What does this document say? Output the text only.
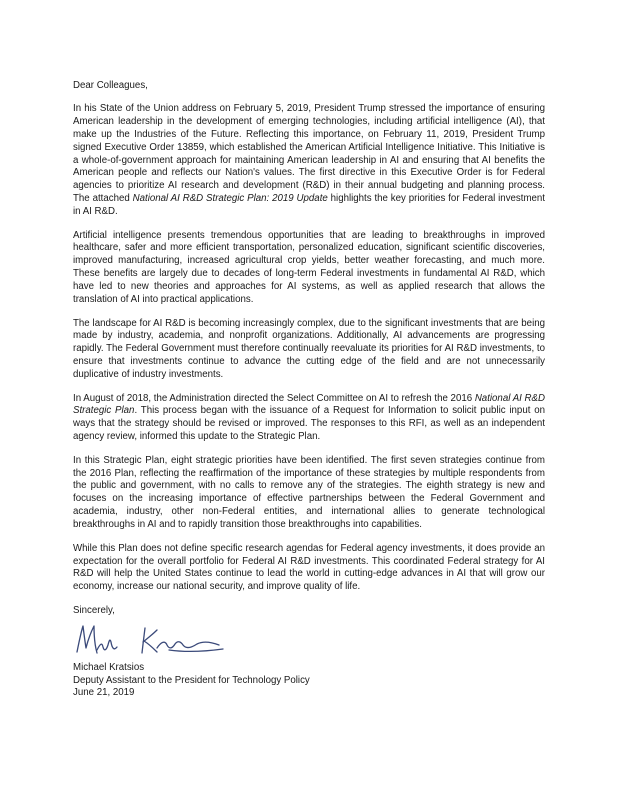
Dear Colleagues,

In his State of the Union address on February 5, 2019, President Trump stressed the importance of ensuring American leadership in the development of emerging technologies, including artificial intelligence (AI), that make up the Industries of the Future. Reflecting this importance, on February 11, 2019, President Trump signed Executive Order 13859, which established the American Artificial Intelligence Initiative. This Initiative is a whole-of-government approach for maintaining American leadership in AI and ensuring that AI benefits the American people and reflects our Nation's values. The first directive in this Executive Order is for Federal agencies to prioritize AI research and development (R&D) in their annual budgeting and planning process. The attached National AI R&D Strategic Plan: 2019 Update highlights the key priorities for Federal investment in AI R&D.

Artificial intelligence presents tremendous opportunities that are leading to breakthroughs in improved healthcare, safer and more efficient transportation, personalized education, significant scientific discoveries, improved manufacturing, increased agricultural crop yields, better weather forecasting, and much more. These benefits are largely due to decades of long-term Federal investments in fundamental AI R&D, which have led to new theories and approaches for AI systems, as well as applied research that allows the translation of AI into practical applications.

The landscape for AI R&D is becoming increasingly complex, due to the significant investments that are being made by industry, academia, and nonprofit organizations. Additionally, AI advancements are progressing rapidly. The Federal Government must therefore continually reevaluate its priorities for AI R&D investments, to ensure that investments continue to advance the cutting edge of the field and are not unnecessarily duplicative of industry investments.

In August of 2018, the Administration directed the Select Committee on AI to refresh the 2016 National AI R&D Strategic Plan. This process began with the issuance of a Request for Information to solicit public input on ways that the strategy should be revised or improved. The responses to this RFI, as well as an independent agency review, informed this update to the Strategic Plan.

In this Strategic Plan, eight strategic priorities have been identified. The first seven strategies continue from the 2016 Plan, reflecting the reaffirmation of the importance of these strategies by multiple respondents from the public and government, with no calls to remove any of the strategies. The eighth strategy is new and focuses on the increasing importance of effective partnerships between the Federal Government and academia, industry, other non-Federal entities, and international allies to generate technological breakthroughs in AI and to rapidly transition those breakthroughs into capabilities.

While this Plan does not define specific research agendas for Federal agency investments, it does provide an expectation for the overall portfolio for Federal AI R&D investments. This coordinated Federal strategy for AI R&D will help the United States continue to lead the world in cutting-edge advances in AI that will grow our economy, increase our national security, and improve quality of life.

Sincerely,

Michael Kratsios
Deputy Assistant to the President for Technology Policy
June 21, 2019
